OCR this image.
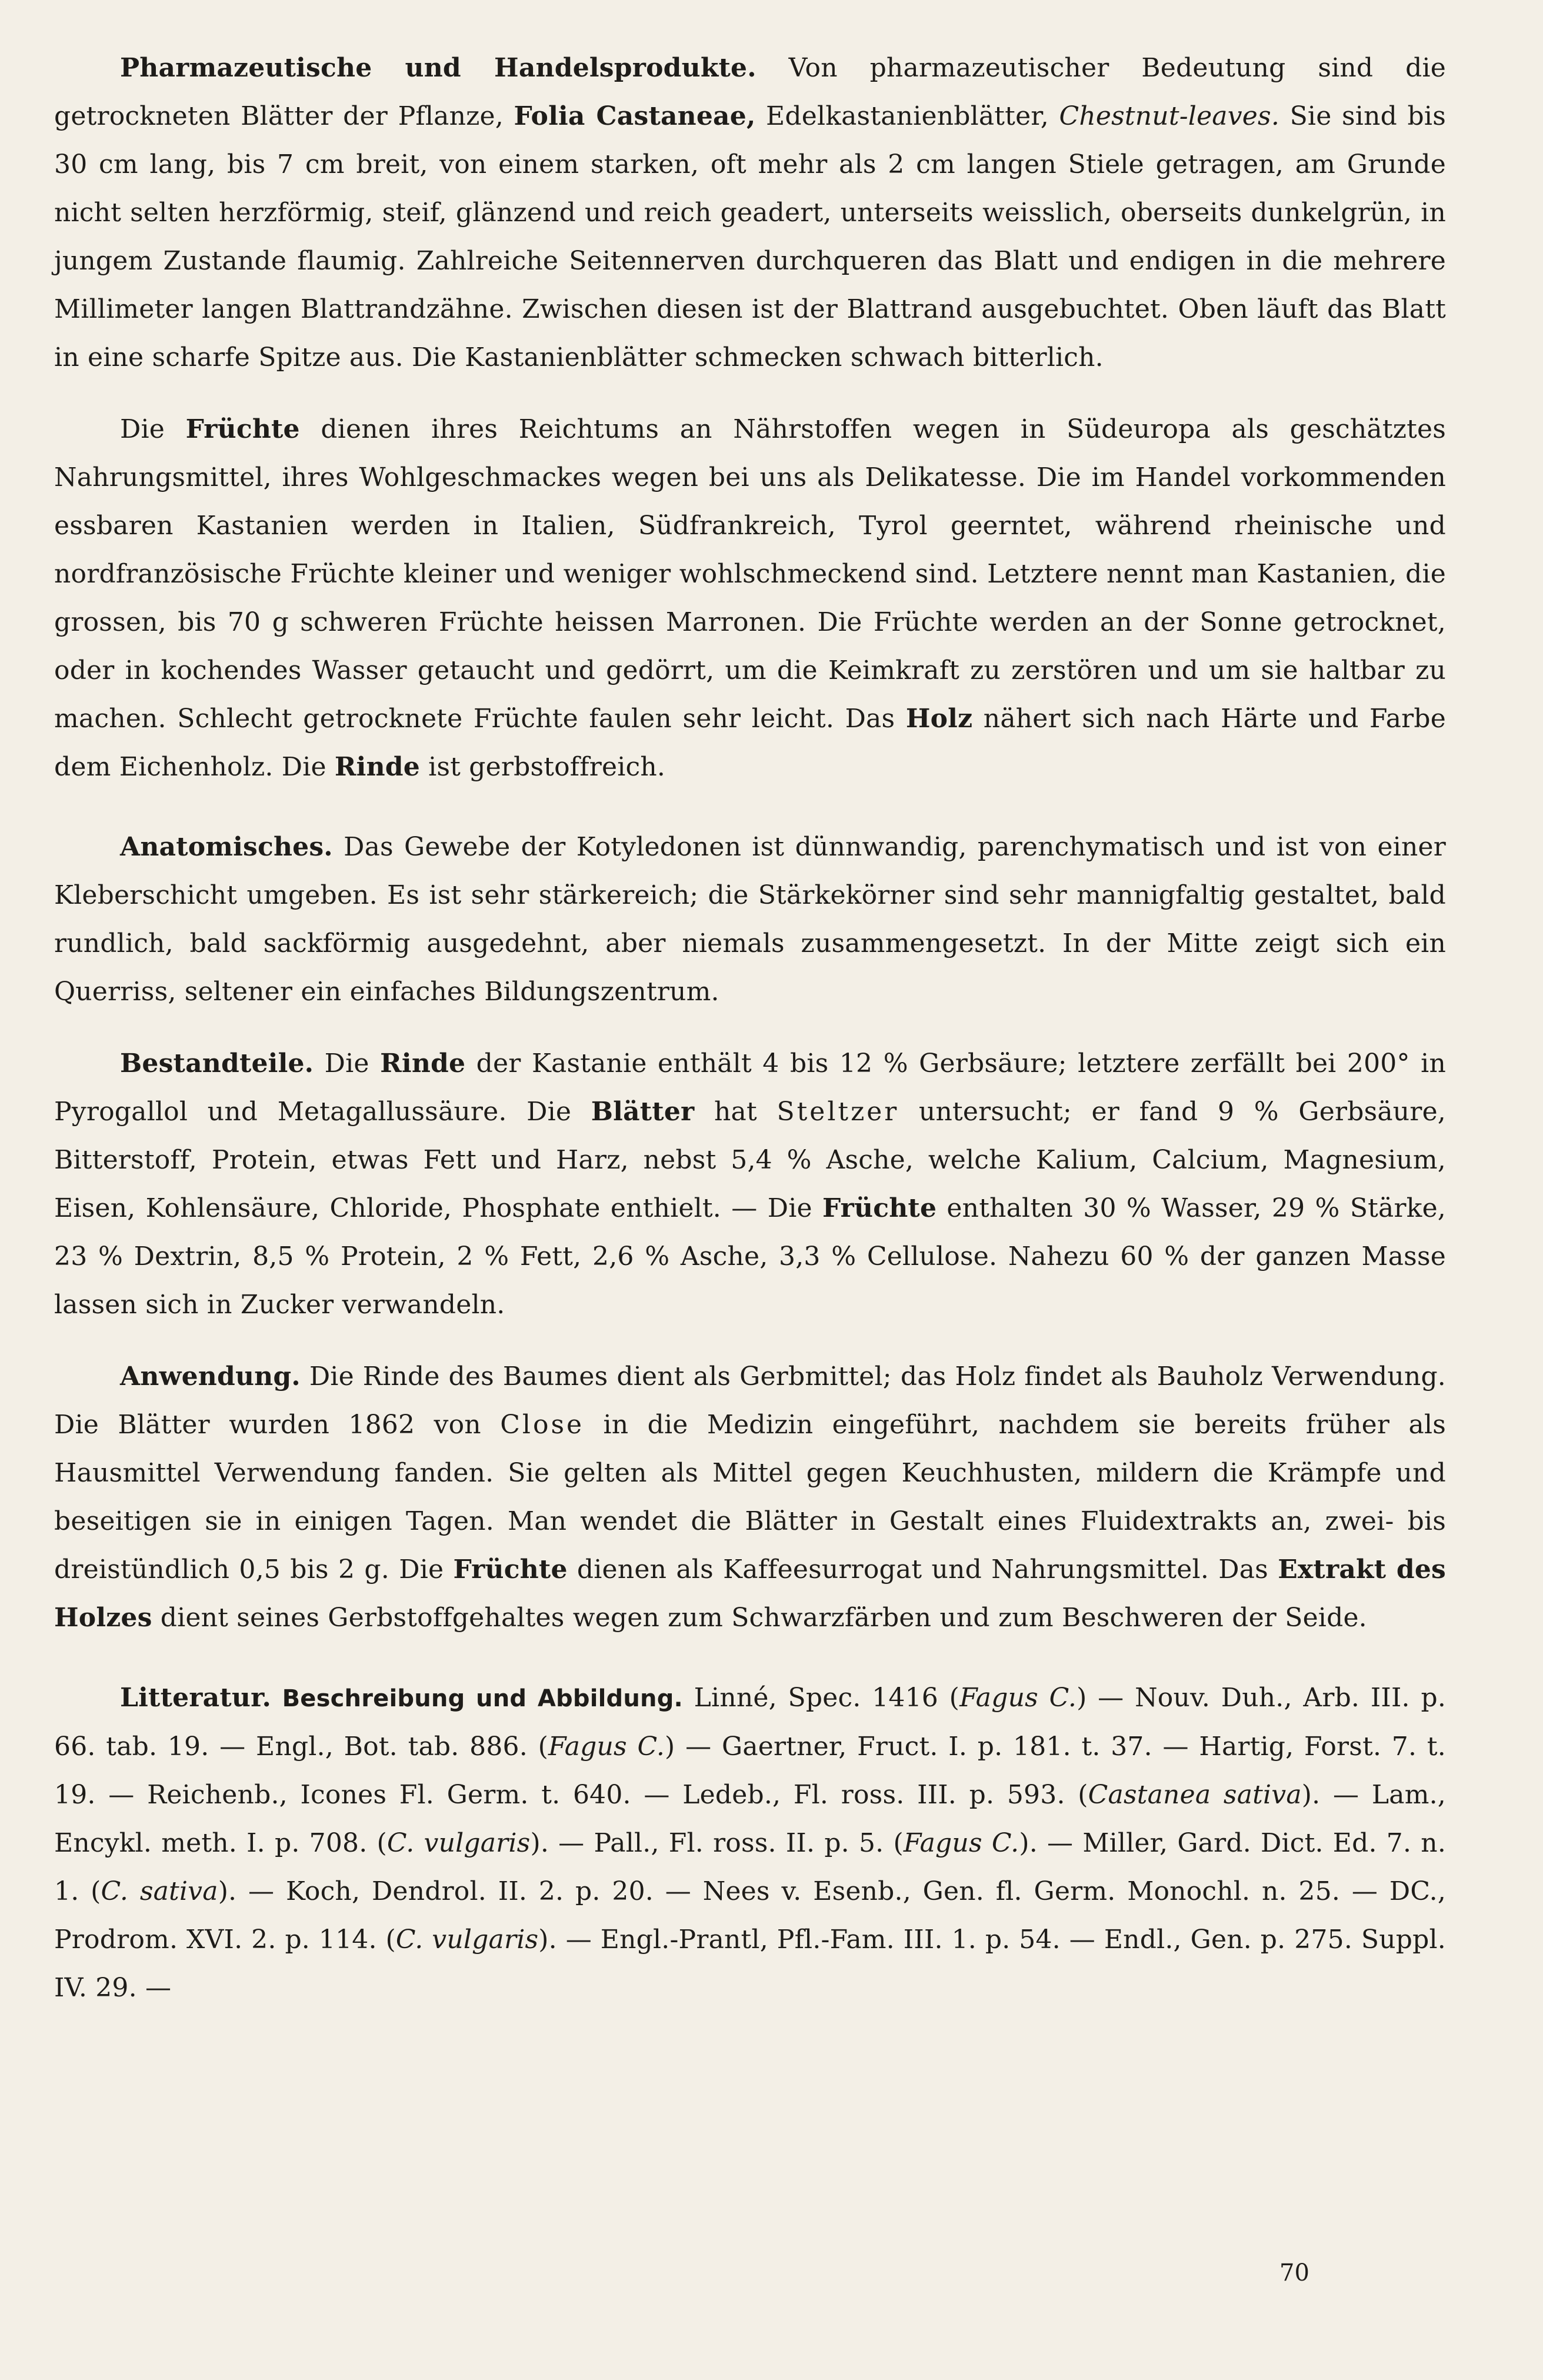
Pharmazeutische und Handelsprodukte. Von pharmazeutischer Bedeutung sind die getrockneten Blätter der Pflanze, Folia Castaneae, Edelkastanienblätter, Chestnut-leaves. Sie sind bis 30 cm lang, bis 7 cm breit, von einem starken, oft mehr als 2 cm langen Stiele getragen, am Grunde nicht selten herzförmig, steif, glänzend und reich geadert, unterseits weisslich, oberseits dunkelgrün, in jungem Zustande flaumig. Zahlreiche Seitennerven durchqueren das Blatt und endigen in die mehrere Millimeter langen Blattrandzähne. Zwischen diesen ist der Blattrand ausgebuchtet. Oben läuft das Blatt in eine scharfe Spitze aus. Die Kastanienblätter schmecken schwach bitterlich.

Die Früchte dienen ihres Reichtums an Nährstoffen wegen in Südeuropa als geschätztes Nahrungsmittel, ihres Wohlgeschmackes wegen bei uns als Delikatesse. Die im Handel vorkommenden essbaren Kastanien werden in Italien, Südfrankreich, Tyrol geerntet, während rheinische und nordfranzösische Früchte kleiner und weniger wohlschmeckend sind. Letztere nennt man Kastanien, die grossen, bis 70 g schweren Früchte heissen Marronen. Die Früchte werden an der Sonne getrocknet, oder in kochendes Wasser getaucht und gedörrt, um die Keimkraft zu zerstören und um sie haltbar zu machen. Schlecht getrocknete Früchte faulen sehr leicht. Das Holz nähert sich nach Härte und Farbe dem Eichenholz. Die Rinde ist gerbstoffreich.

Anatomisches. Das Gewebe der Kotyledonen ist dünnwandig, parenchymatisch und ist von einer Kleberschicht umgeben. Es ist sehr stärkereich; die Stärkekörner sind sehr mannigfaltig gestaltet, bald rundlich, bald sackförmig ausgedehnt, aber niemals zusammengesetzt. In der Mitte zeigt sich ein Querriss, seltener ein einfaches Bildungszentrum.

Bestandteile. Die Rinde der Kastanie enthält 4 bis 12 % Gerbsäure; letztere zerfällt bei 200° in Pyrogallol und Metagallussäure. Die Blätter hat Steltzer untersucht; er fand 9 % Gerbsäure, Bitterstoff, Protein, etwas Fett und Harz, nebst 5,4 % Asche, welche Kalium, Calcium, Magnesium, Eisen, Kohlensäure, Chloride, Phosphate enthielt. — Die Früchte enthalten 30 % Wasser, 29 % Stärke, 23 % Dextrin, 8,5 % Protein, 2 % Fett, 2,6 % Asche, 3,3 % Cellulose. Nahezu 60 % der ganzen Masse lassen sich in Zucker verwandeln.

Anwendung. Die Rinde des Baumes dient als Gerbmittel; das Holz findet als Bauholz Verwendung. Die Blätter wurden 1862 von Close in die Medizin eingeführt, nachdem sie bereits früher als Hausmittel Verwendung fanden. Sie gelten als Mittel gegen Keuchhusten, mildern die Krämpfe und beseitigen sie in einigen Tagen. Man wendet die Blätter in Gestalt eines Fluidextrakts an, zwei- bis dreistündlich 0,5 bis 2 g. Die Früchte dienen als Kaffeesurrogat und Nahrungsmittel. Das Extrakt des Holzes dient seines Gerbstoffgehaltes wegen zum Schwarzfärben und zum Beschweren der Seide.

Litteratur. Beschreibung und Abbildung. Linné, Spec. 1416 (Fagus C.) — Nouv. Duh., Arb. III. p. 66. tab. 19. — Engl., Bot. tab. 886. (Fagus C.) — Gaertner, Fruct. I. p. 181. t. 37. — Hartig, Forst. 7. t. 19. — Reichenb., Icones Fl. Germ. t. 640. — Ledeb., Fl. ross. III. p. 593. (Castanea sativa). — Lam., Encykl. meth. I. p. 708. (C. vulgaris). — Pall., Fl. ross. II. p. 5. (Fagus C.). — Miller, Gard. Dict. Ed. 7. n. 1. (C. sativa). — Koch, Dendrol. II. 2. p. 20. — Nees v. Esenb., Gen. fl. Germ. Monochl. n. 25. — DC., Prodrom. XVI. 2. p. 114. (C. vulgaris). — Engl.-Prantl, Pfl.-Fam. III. 1. p. 54. — Endl., Gen. p. 275. Suppl. IV. 29. —

70
